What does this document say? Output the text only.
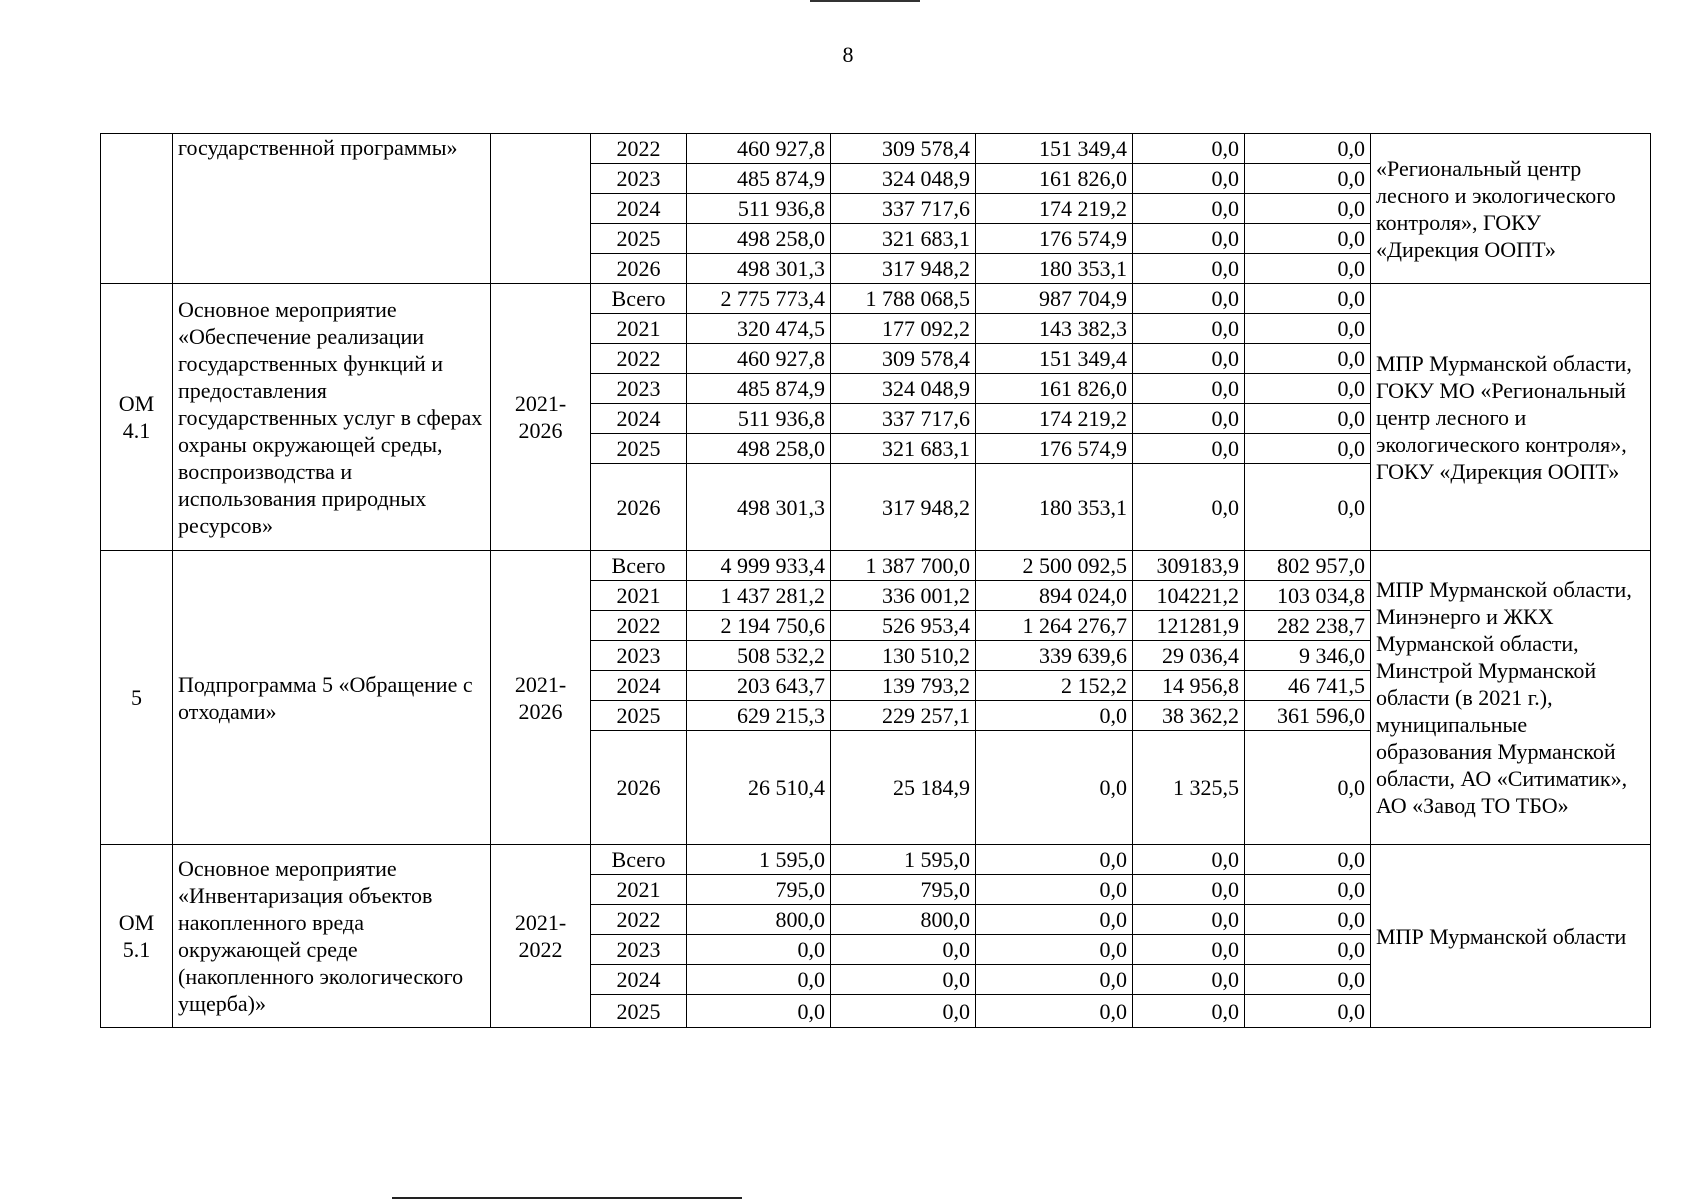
8
	государственной программы»		2022	460 927,8	309 578,4	151 349,4	0,0	0,0	«Региональный центр лесного и экологического контроля», ГОКУ «Дирекция ООПТ»
			2023	485 874,9	324 048,9	161 826,0	0,0	0,0	
			2024	511 936,8	337 717,6	174 219,2	0,0	0,0	
			2025	498 258,0	321 683,1	176 574,9	0,0	0,0	
			2026	498 301,3	317 948,2	180 353,1	0,0	0,0	
ОМ 4.1	Основное мероприятие «Обеспечение реализации государственных функций и предоставления государственных услуг в сферах охраны окружающей среды, воспроизводства и использования природных ресурсов»	2021- 2026	Всего	2 775 773,4	1 788 068,5	987 704,9	0,0	0,0	МПР Мурманской области, ГОКУ МО «Региональный центр лесного и экологического контроля», ГОКУ «Дирекция ООПТ»
			2021	320 474,5	177 092,2	143 382,3	0,0	0,0	
			2022	460 927,8	309 578,4	151 349,4	0,0	0,0	
			2023	485 874,9	324 048,9	161 826,0	0,0	0,0	
			2024	511 936,8	337 717,6	174 219,2	0,0	0,0	
			2025	498 258,0	321 683,1	176 574,9	0,0	0,0	
			2026	498 301,3	317 948,2	180 353,1	0,0	0,0	
5	Подпрограмма 5 «Обращение с отходами»	2021- 2026	Всего	4 999 933,4	1 387 700,0	2 500 092,5	309183,9	802 957,0	МПР Мурманской области, Минэнерго и ЖКХ Мурманской области, Минстрой Мурманской области (в 2021 г.), муниципальные образования Мурманской области, АО «Ситиматик», АО «Завод ТО ТБО»
			2021	1 437 281,2	336 001,2	894 024,0	104221,2	103 034,8	
			2022	2 194 750,6	526 953,4	1 264 276,7	121281,9	282 238,7	
			2023	508 532,2	130 510,2	339 639,6	29 036,4	9 346,0	
			2024	203 643,7	139 793,2	2 152,2	14 956,8	46 741,5	
			2025	629 215,3	229 257,1	0,0	38 362,2	361 596,0	
			2026	26 510,4	25 184,9	0,0	1 325,5	0,0	
ОМ 5.1	Основное мероприятие «Инвентаризация объектов накопленного вреда окружающей среде (накопленного экологического ущерба)»	2021- 2022	Всего	1 595,0	1 595,0	0,0	0,0	0,0	МПР Мурманской области
			2021	795,0	795,0	0,0	0,0	0,0	
			2022	800,0	800,0	0,0	0,0	0,0	
			2023	0,0	0,0	0,0	0,0	0,0	
			2024	0,0	0,0	0,0	0,0	0,0	
			2025	0,0	0,0	0,0	0,0	0,0	
